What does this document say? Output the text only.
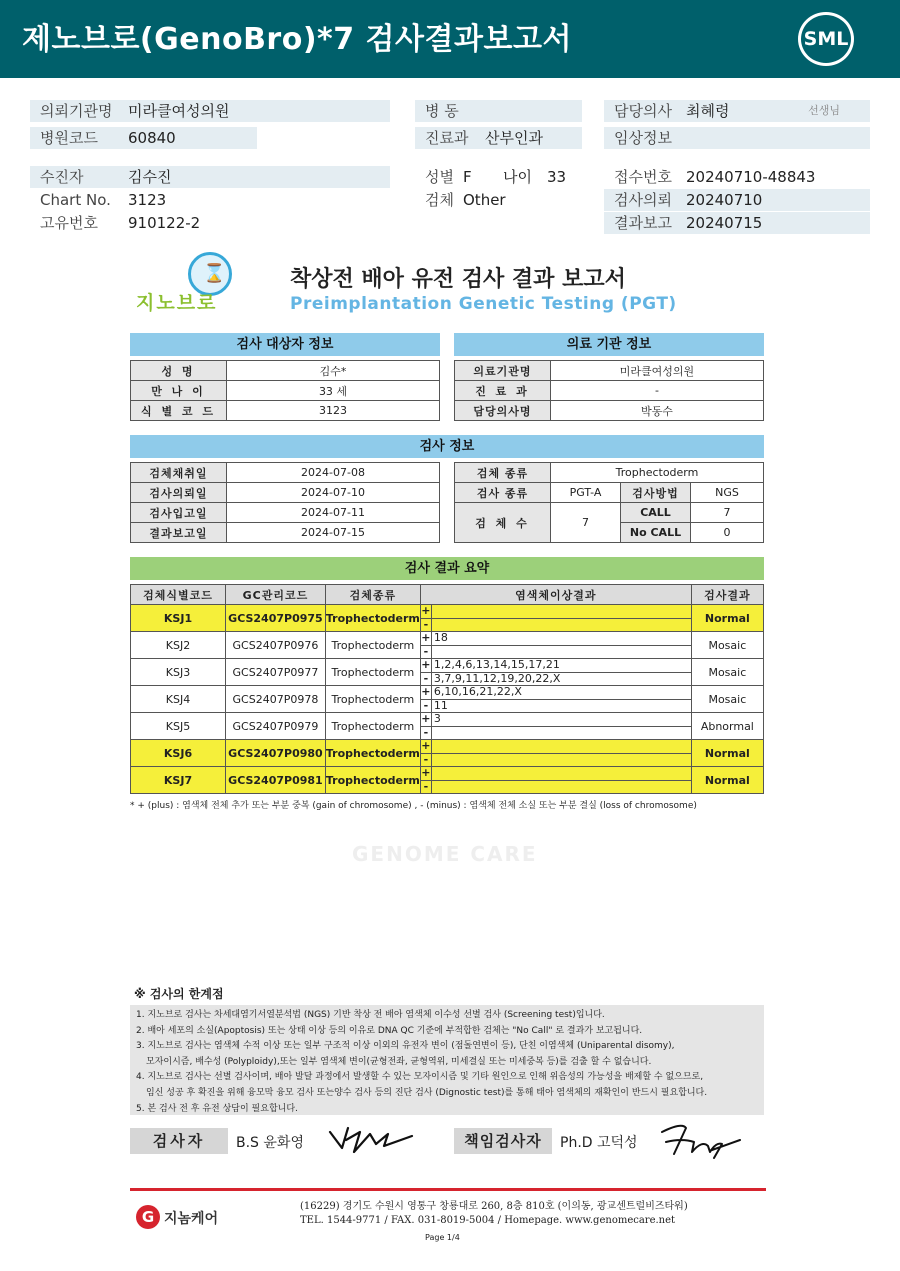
제노브로(GenoBro)*7 검사결과보고서	SML
의뢰기관명 미라클여성의원
병원코드 60840
병 동
진료과 산부인과
담당의사 최혜령	선생님
임상정보
수진자	김수진
Chart No. 3123
고유번호 910122-2
성별 F 나이 33
검체 Other
접수번호 20240710-48843
검사의뢰 20240710
결과보고 20240715
⌛
지노브로
착상전 배아 유전 검사 결과 보고서
Preimplantation Genetic Testing (PGT)
검사 대상자 정보
성 명	김수*
만 나 이	33 세
식 별 코 드	3123
의료 기관 정보
의료기관명	미라클여성의원
진 료 과	-
담당의사명	박동수
검사 정보
검체채취일	2024-07-08
검사의뢰일	2024-07-10
검사입고일	2024-07-11
결과보고일	2024-07-15
검체 종류	Trophectoderm		
검사 종류	PGT-A	검사방법	NGS
검 체 수	7	CALL	7
		No CALL	0
검사 결과 요약
검체식별코드	GC관리코드	검체종류	염색체이상결과	검사결과
KSJ1	GCS2407P0975	Trophectoderm	+
-	Normal
KSJ2	GCS2407P0976	Trophectoderm	+ 18
-	Mosaic
KSJ3	GCS2407P0977	Trophectoderm	+ 1,2,4,6,13,14,15,17,21
- 3,7,9,11,12,19,20,22,X	Mosaic
KSJ4	GCS2407P0978	Trophectoderm	+ 6,10,16,21,22,X
- 11	Mosaic
KSJ5	GCS2407P0979	Trophectoderm	+ 3
-	Abnormal
KSJ6	GCS2407P0980	Trophectoderm	+
-	Normal
KSJ7	GCS2407P0981	Trophectoderm	+
-	Normal
* + (plus) : 염색체 전체 추가 또는 부분 중복 (gain of chromosome) , - (minus) : 염색체 전체 소실 또는 부분 결실 (loss of chromosome)
GENOME CARE
※ 검사의 한계점
1. 지노브로 검사는 차세대염기서열분석법 (NGS) 기반 착상 전 배아 염색체 이수성 선별 검사 (Screening test)입니다.
2. 배아 세포의 소실(Apoptosis) 또는 상태 이상 등의 이유로 DNA QC 기준에 부적합한 검체는 "No Call" 로 결과가 보고됩니다.
3. 지노브로 검사는 염색체 수적 이상 또는 일부 구조적 이상 이외의 유전자 변이 (점돌연변이 등), 단친 이염색체 (Uniparental disomy),
모자이시즘, 배수성 (Polyploidy),또는 일부 염색체 변이(균형전좌, 균형역위, 미세결실 또는 미세중복 등)를 검출 할 수 없습니다.
4. 지노브로 검사는 선별 검사이며, 배아 발달 과정에서 발생할 수 있는 모자이시즘 및 기타 원인으로 인해 위음성의 가능성을 배제할 수 없으므로,
임신 성공 후 확진을 위해 융모막 융모 검사 또는양수 검사 등의 진단 검사 (Dignostic test)를 통해 태아 염색체의 재확인이 반드시 필요합니다.
5. 본 검사 전 후 유전 상담이 필요합니다.
검사자	B.S 윤화영	책임검사자	Ph.D 고덕성
G 지놈케어
(16229) 경기도 수원시 영통구 창룡대로 260, 8층 810호 (이의동, 광교센트럴비즈타워)
TEL. 1544-9771 / FAX. 031-8019-5004 / Homepage. www.genomecare.net
Page 1/4
